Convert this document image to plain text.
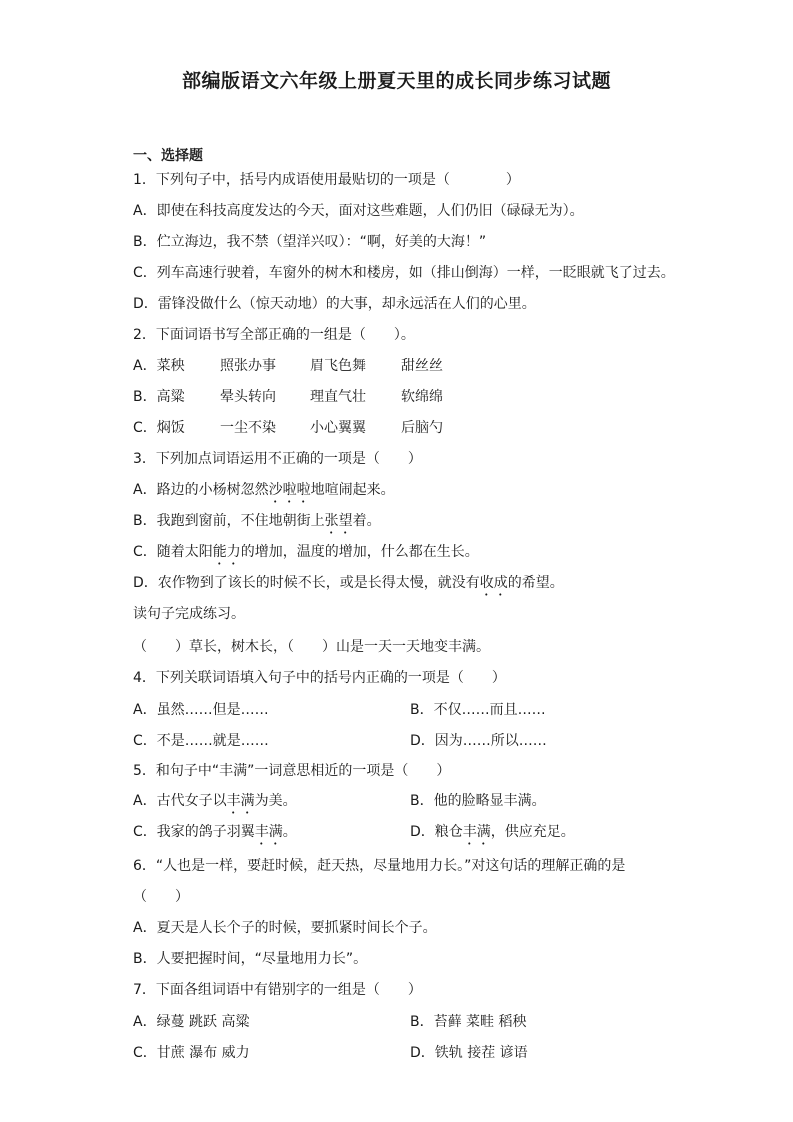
部编版语文六年级上册夏天里的成长同步练习试题
一、选择题
1．下列句子中，括号内成语使用最贴切的一项是（　　　　）
A．即使在科技高度发达的今天，面对这些难题，人们仍旧（碌碌无为）。
B．伫立海边，我不禁（望洋兴叹）：“啊，好美的大海！”
C．列车高速行驶着，车窗外的树木和楼房，如（排山倒海）一样，一眨眼就飞了过去。
D．雷锋没做什么（惊天动地）的大事，却永远活在人们的心里。
2．下面词语书写全部正确的一组是（　　）。
A．菜秧	照张办事 眉飞色舞	甜丝丝
B．高粱	晕头转向 理直气壮	软绵绵
C．焖饭	一尘不染 小心翼翼	后脑勺
3．下列加点词语运用不正确的一项是（　　）
A．路边的小杨树忽然沙啦啦地喧闹起来。
B．我跑到窗前，不住地朝街上张望着。
C．随着太阳能力的增加，温度的增加，什么都在生长。
D．农作物到了该长的时候不长，或是长得太慢，就没有收成的希望。
读句子完成练习。
（　　）草长，树木长，（　　）山是一天一天地变丰满。
4．下列关联词语填入句子中的括号内正确的一项是（　　）
A．虽然……但是……	B．不仅……而且……
C．不是……就是……	D．因为……所以……
5．和句子中“丰满”一词意思相近的一项是（　　）
A．古代女子以丰满为美。	B．他的脸略显丰满。
C．我家的鸽子羽翼丰满。	D．粮仓丰满，供应充足。
6．“人也是一样，要赶时候，赶天热，尽量地用力长。”对这句话的理解正确的是
（　　）
A．夏天是人长个子的时候，要抓紧时间长个子。
B．人要把握时间，“尽量地用力长”。
7．下面各组词语中有错别字的一组是（　　）
A．绿蔓 跳跃 高粱	B．苔藓 菜畦 稻秧
C．甘蔗 瀑布 威力	D．铁轨 接茬 谚语
